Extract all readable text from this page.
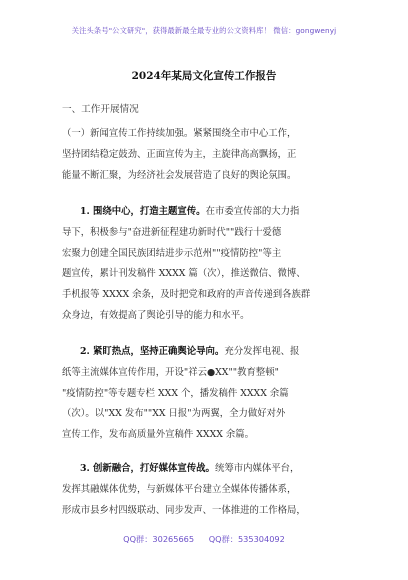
关注头条号"公文研究"，获得最新最全最专业的公文资料库！ 微信：gongwenyj
2024年某局文化宣传工作报告
一、工作开展情况

（一）新闻宣传工作持续加强。紧紧围绕全市中心工作，
坚持团结稳定鼓劲、正面宣传为主，主旋律高高飘扬，正
能量不断汇聚，为经济社会发展营造了良好的舆论氛围。

1. 围绕中心，打造主题宣传。在市委宣传部的大力指
导下，积极参与"奋进新征程建功新时代""践行十爱德
宏聚力创建全国民族团结进步示范州""疫情防控"等主
题宣传，累计刊发稿件 XXXX 篇（次），推送微信、微博、
手机报等 XXXX 余条，及时把党和政府的声音传递到各族群
众身边，有效提高了舆论引导的能力和水平。

2. 紧盯热点，坚持正确舆论导向。充分发挥电视、报
纸等主流媒体宣传作用，开设"祥云●XX""教育整顿"
"疫情防控"等专题专栏 XXX 个，播发稿件 XXXX 余篇
（次）。以"XX 发布""XX 日报"为两翼，全力做好对外
宣传工作，发布高质量外宣稿件 XXXX 余篇。

3. 创新融合，打好媒体宣传战。统筹市内媒体平台，
发挥其融媒体优势，与新媒体平台建立全媒体传播体系，
形成市县乡村四级联动、同步发声、一体推进的工作格局，

QQ群：30265665 QQ群：535304092
